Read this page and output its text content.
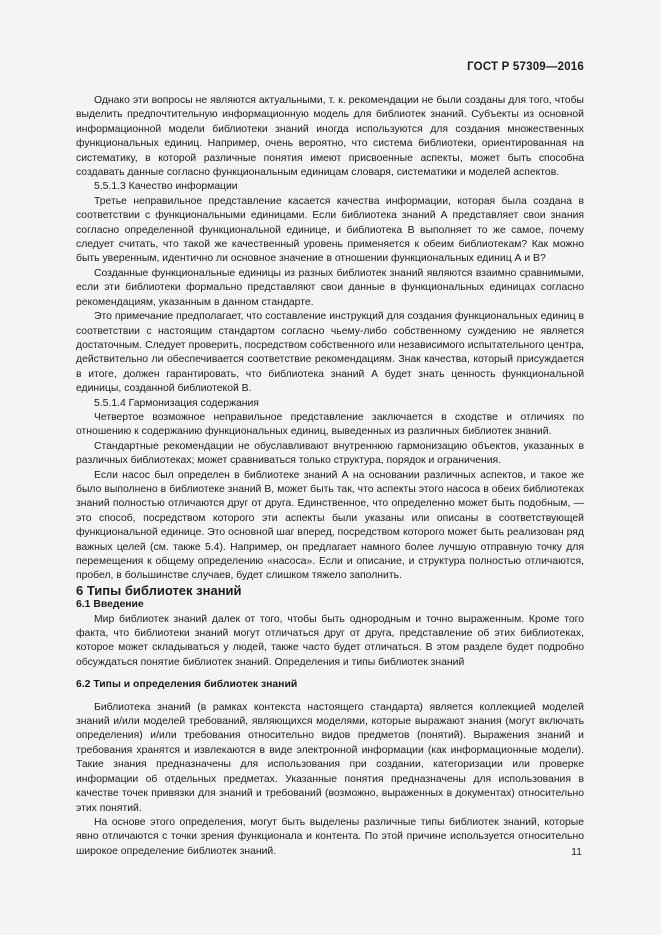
ГОСТ Р 57309—2016

Однако эти вопросы не являются актуальными, т. к. рекомендации не были созданы для того, чтобы выделить предпочтительную информационную модель для библиотек знаний. Субъекты из основной информационной модели библиотеки знаний иногда используются для создания множественных функциональных единиц. Например, очень вероятно, что система библиотеки, ориентированная на систематику, в которой различные понятия имеют присвоенные аспекты, может быть способна создавать данные согласно функциональным единицам словаря, систематики и моделей аспектов.

5.5.1.3 Качество информации

Третье неправильное представление касается качества информации, которая была создана в соответствии с функциональными единицами. Если библиотека знаний А представляет свои знания согласно определенной функциональной единице, и библиотека В выполняет то же самое, почему следует считать, что такой же качественный уровень применяется к обеим библиотекам? Как можно быть уверенным, идентично ли основное значение в отношении функциональных единиц А и В?

Созданные функциональные единицы из разных библиотек знаний являются взаимно сравнимыми, если эти библиотеки формально представляют свои данные в функциональных единицах согласно рекомендациям, указанным в данном стандарте.

Это примечание предполагает, что составление инструкций для создания функциональных единиц в соответствии с настоящим стандартом согласно чьему-либо собственному суждению не является достаточным. Следует проверить, посредством собственного или независимого испытательного центра, действительно ли обеспечивается соответствие рекомендациям. Знак качества, который присуждается в итоге, должен гарантировать, что библиотека знаний А будет знать ценность функциональной единицы, созданной библиотекой В.

5.5.1.4 Гармонизация содержания

Четвертое возможное неправильное представление заключается в сходстве и отличиях по отношению к содержанию функциональных единиц, выведенных из различных библиотек знаний.

Стандартные рекомендации не обуславливают внутреннюю гармонизацию объектов, указанных в различных библиотеках; может сравниваться только структура, порядок и ограничения.

Если насос был определен в библиотеке знаний А на основании различных аспектов, и такое же было выполнено в библиотеке знаний В, может быть так, что аспекты этого насоса в обеих библиотеках знаний полностью отличаются друг от друга. Единственное, что определенно может быть подобным, — это способ, посредством которого эти аспекты были указаны или описаны в соответствующей функциональной единице. Это основной шаг вперед, посредством которого может быть реализован ряд важных целей (см. также 5.4). Например, он предлагает намного более лучшую отправную точку для перемещения к общему определению «насоса». Если и описание, и структура полностью отличаются, пробел, в большинстве случаев, будет слишком тяжело заполнить.

6 Типы библиотек знаний

6.1 Введение

Мир библиотек знаний далек от того, чтобы быть однородным и точно выраженным. Кроме того факта, что библиотеки знаний могут отличаться друг от друга, представление об этих библиотеках, которое может складываться у людей, также часто будет отличаться. В этом разделе будет подробно обсуждаться понятие библиотек знаний. Определения и типы библиотек знаний

6.2 Типы и определения библиотек знаний

Библиотека знаний (в рамках контекста настоящего стандарта) является коллекцией моделей знаний и/или моделей требований, являющихся моделями, которые выражают знания (могут включать определения) и/или требования относительно видов предметов (понятий). Выражения знаний и требования хранятся и извлекаются в виде электронной информации (как информационные модели). Такие знания предназначены для использования при создании, категоризации или проверке информации об отдельных предметах. Указанные понятия предназначены для использования в качестве точек привязки для знаний и требований (возможно, выраженных в документах) относительно этих понятий.

На основе этого определения, могут быть выделены различные типы библиотек знаний, которые явно отличаются с точки зрения функционала и контента. По этой причине используется относительно широкое определение библиотек знаний.	11
